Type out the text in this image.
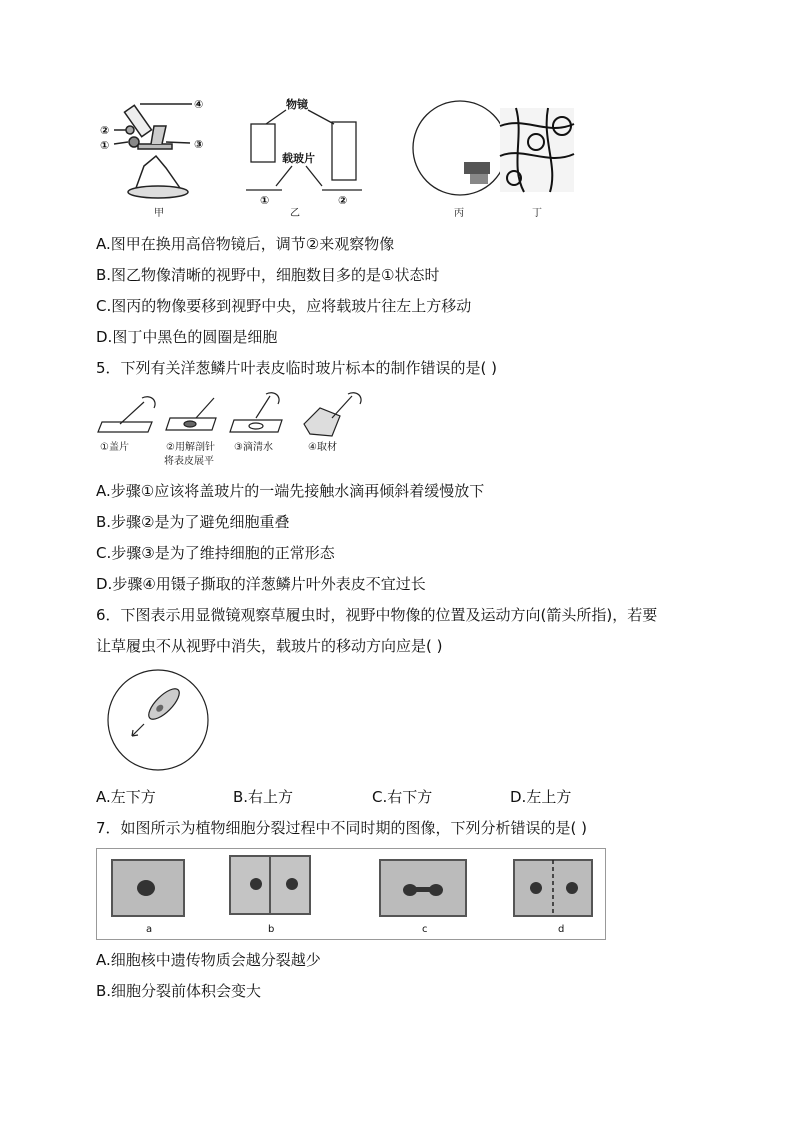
④
②
①	③
甲
物镜
载玻片
①	②
乙	丙	丁
A.图甲在换用高倍物镜后，调节②来观察物像
B.图乙物像清晰的视野中，细胞数目多的是①状态时
C.图丙的物像要移到视野中央，应将载玻片往左上方移动
D.图丁中黑色的圆圈是细胞
5．下列有关洋葱鳞片叶表皮临时玻片标本的制作错误的是( )
①盖片	②用解剖针
将表皮展平
③滴清水	④取材
A.步骤①应该将盖玻片的一端先接触水滴再倾斜着缓慢放下
B.步骤②是为了避免细胞重叠
C.步骤③是为了维持细胞的正常形态
D.步骤④用镊子撕取的洋葱鳞片叶外表皮不宜过长
6．下图表示用显微镜观察草履虫时，视野中物像的位置及运动方向(箭头所指)，若要
让草履虫不从视野中消失，载玻片的移动方向应是( )
A.左下方	B.右上方	C.右下方	D.左上方
7．如图所示为植物细胞分裂过程中不同时期的图像，下列分析错误的是( )
a	b	c	d
A.细胞核中遗传物质会越分裂越少
B.细胞分裂前体积会变大
